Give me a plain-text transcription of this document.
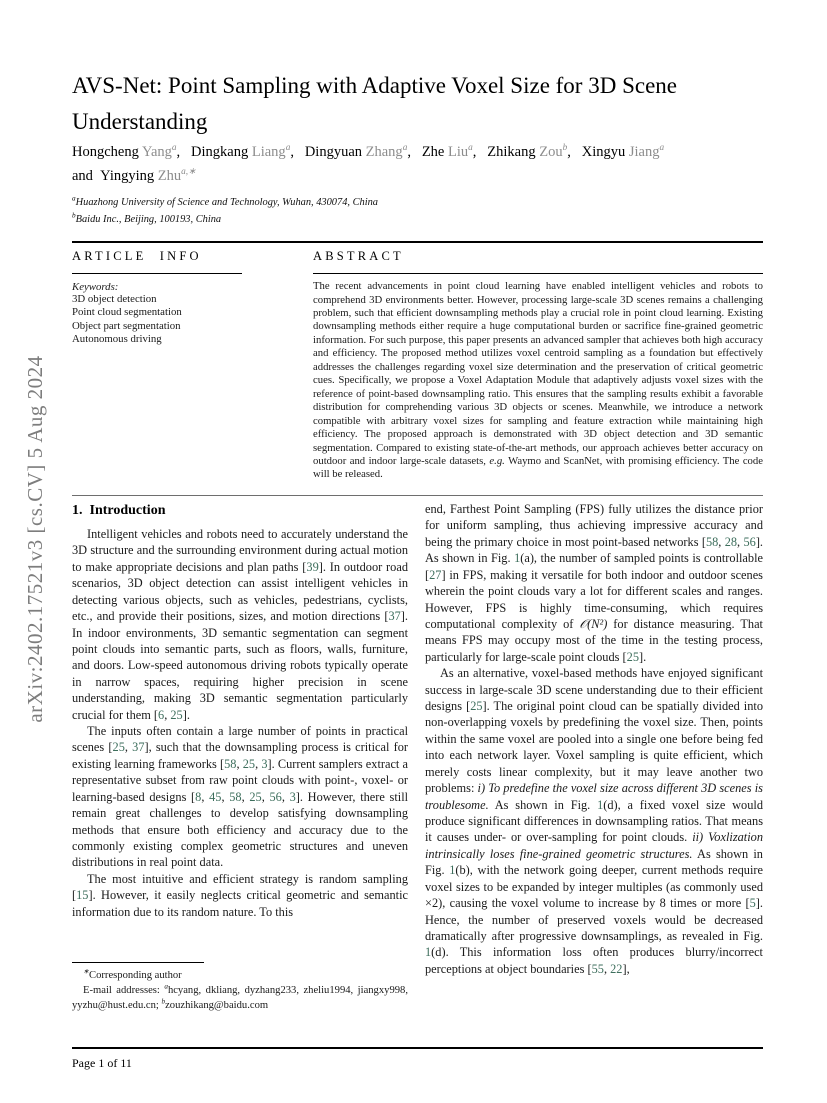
arXiv:2402.17521v3 [cs.CV] 5 Aug 2024
AVS-Net: Point Sampling with Adaptive Voxel Size for 3D Scene Understanding
Hongcheng Yang$^a$,  Dingkang Liang$^a$,  Dingyuan Zhang$^a$,  Zhe Liu$^a$,  Zhikang Zou$^b$,  Xingyu Jiang$^a$
and Yingying Zhu$^{a,∗}$
$^a$Huazhong University of Science and Technology, Wuhan, 430074, China
$^b$Baidu Inc., Beijing, 100193, China
ARTICLE INFO
Keywords:
3D object detection
Point cloud segmentation
Object part segmentation
Autonomous driving
ABSTRACT

The recent advancements in point cloud learning have enabled intelligent vehicles and robots to comprehend 3D environments better. However, processing large-scale 3D scenes remains a challenging problem, such that efficient downsampling methods play a crucial role in point cloud learning. Existing downsampling methods either require a huge computational burden or sacrifice fine-grained geometric information. For such purpose, this paper presents an advanced sampler that achieves both high accuracy and efficiency. The proposed method utilizes voxel centroid sampling as a foundation but effectively addresses the challenges regarding voxel size determination and the preservation of critical geometric cues. Specifically, we propose a Voxel Adaptation Module that adaptively adjusts voxel sizes with the reference of point-based downsampling ratio. This ensures that the sampling results exhibit a favorable distribution for comprehending various 3D objects or scenes. Meanwhile, we introduce a network compatible with arbitrary voxel sizes for sampling and feature extraction while maintaining high efficiency. The proposed approach is demonstrated with 3D object detection and 3D semantic segmentation. Compared to existing state-of-the-art methods, our approach achieves better accuracy on outdoor and indoor large-scale datasets, e.g. Waymo and ScanNet, with promising efficiency. The code will be released.

1. Introduction

Intelligent vehicles and robots need to accurately understand the 3D structure and the surrounding environment during actual motion to make appropriate decisions and plan paths [39]. In outdoor road scenarios, 3D object detection can assist intelligent vehicles in detecting various objects, such as vehicles, pedestrians, cyclists, etc., and provide their positions, sizes, and motion directions [37]. In indoor environments, 3D semantic segmentation can segment point clouds into semantic parts, such as floors, walls, furniture, and doors. Low-speed autonomous driving robots typically operate in narrow spaces, requiring higher precision in scene understanding, making 3D semantic segmentation particularly crucial for them [6, 25].

The inputs often contain a large number of points in practical scenes [25, 37], such that the downsampling process is critical for existing learning frameworks [58, 25, 3]. Current samplers extract a representative subset from raw point clouds with point-, voxel- or learning-based designs [8, 45, 58, 25, 56, 3]. However, there still remain great challenges to develop satisfying downsampling methods that ensure both efficiency and accuracy due to the commonly existing complex geometric structures and uneven distributions in real point data.

The most intuitive and efficient strategy is random sampling [15]. However, it easily neglects critical geometric and semantic information due to its random nature. To this

∗Corresponding author

E-mail addresses: $^a$hcyang, dkliang, dyzhang233, zheliu1994, jiangxy998, yyzhu@hust.edu.cn; $^b$zouzhikang@baidu.com

end, Farthest Point Sampling (FPS) fully utilizes the distance prior for uniform sampling, thus achieving impressive accuracy and being the primary choice in most point-based networks [58, 28, 56]. As shown in Fig. 1(a), the number of sampled points is controllable [27] in FPS, making it versatile for both indoor and outdoor scenes wherein the point clouds vary a lot for different scales and ranges. However, FPS is highly time-consuming, which requires computational complexity of 𝒪(N²) for distance measuring. That means FPS may occupy most of the time in the testing process, particularly for large-scale point clouds [25].

As an alternative, voxel-based methods have enjoyed significant success in large-scale 3D scene understanding due to their efficient designs [25]. The original point cloud can be spatially divided into non-overlapping voxels by predefining the voxel size. Then, points within the same voxel are pooled into a single one before being fed into each network layer. Voxel sampling is quite efficient, which merely costs linear complexity, but it may leave another two problems: i) To predefine the voxel size across different 3D scenes is troublesome. As shown in Fig. 1(d), a fixed voxel size would produce significant differences in downsampling ratios. That means it causes under- or over-sampling for point clouds. ii) Voxlization intrinsically loses fine-grained geometric structures. As shown in Fig. 1(b), with the network going deeper, current methods require voxel sizes to be expanded by integer multiples (as commonly used ×2), causing the voxel volume to increase by 8 times or more [5]. Hence, the number of preserved voxels would be decreased dramatically after progressive downsamplings, as revealed in Fig. 1(d). This information loss often produces blurry/incorrect perceptions at object boundaries [55, 22],

Page 1 of 11
